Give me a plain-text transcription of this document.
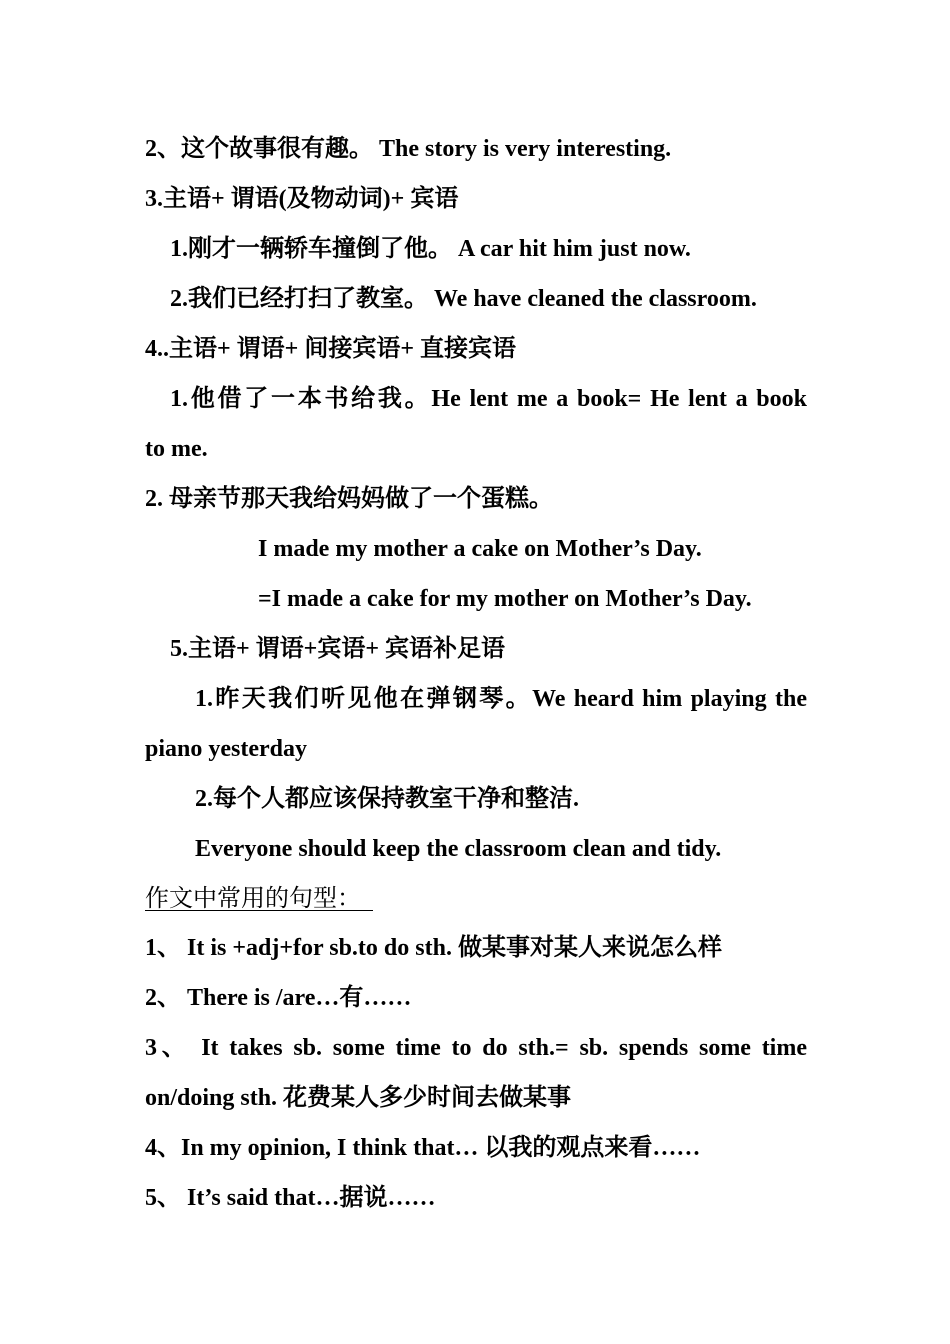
2、这个故事很有趣。 The story is very interesting.
3.主语+ 谓语(及物动词)+ 宾语
1.刚才一辆轿车撞倒了他。 A car hit him just now.
2.我们已经打扫了教室。 We have cleaned the classroom.
4..主语+ 谓语+ 间接宾语+ 直接宾语
1.他借了一本书给我。He lent me a book= He lent a book
to me.
2. 母亲节那天我给妈妈做了一个蛋糕。
I made my mother a cake on Mother’s Day.
=I made a cake for my mother on Mother’s Day.
5.主语+ 谓语+宾语+ 宾语补足语
1.昨天我们听见他在弹钢琴。We heard him playing the
piano yesterday
2.每个人都应该保持教室干净和整洁.
Everyone should keep the classroom clean and tidy.
作文中常用的句型：
1、 It is +adj+for sb.to do sth. 做某事对某人来说怎么样
2、 There is /are…有……
3、 It takes sb. some time to do sth.= sb. spends some time
on/doing sth. 花费某人多少时间去做某事
4、In my opinion, I think that… 以我的观点来看……
5、 It’s said that…据说……
